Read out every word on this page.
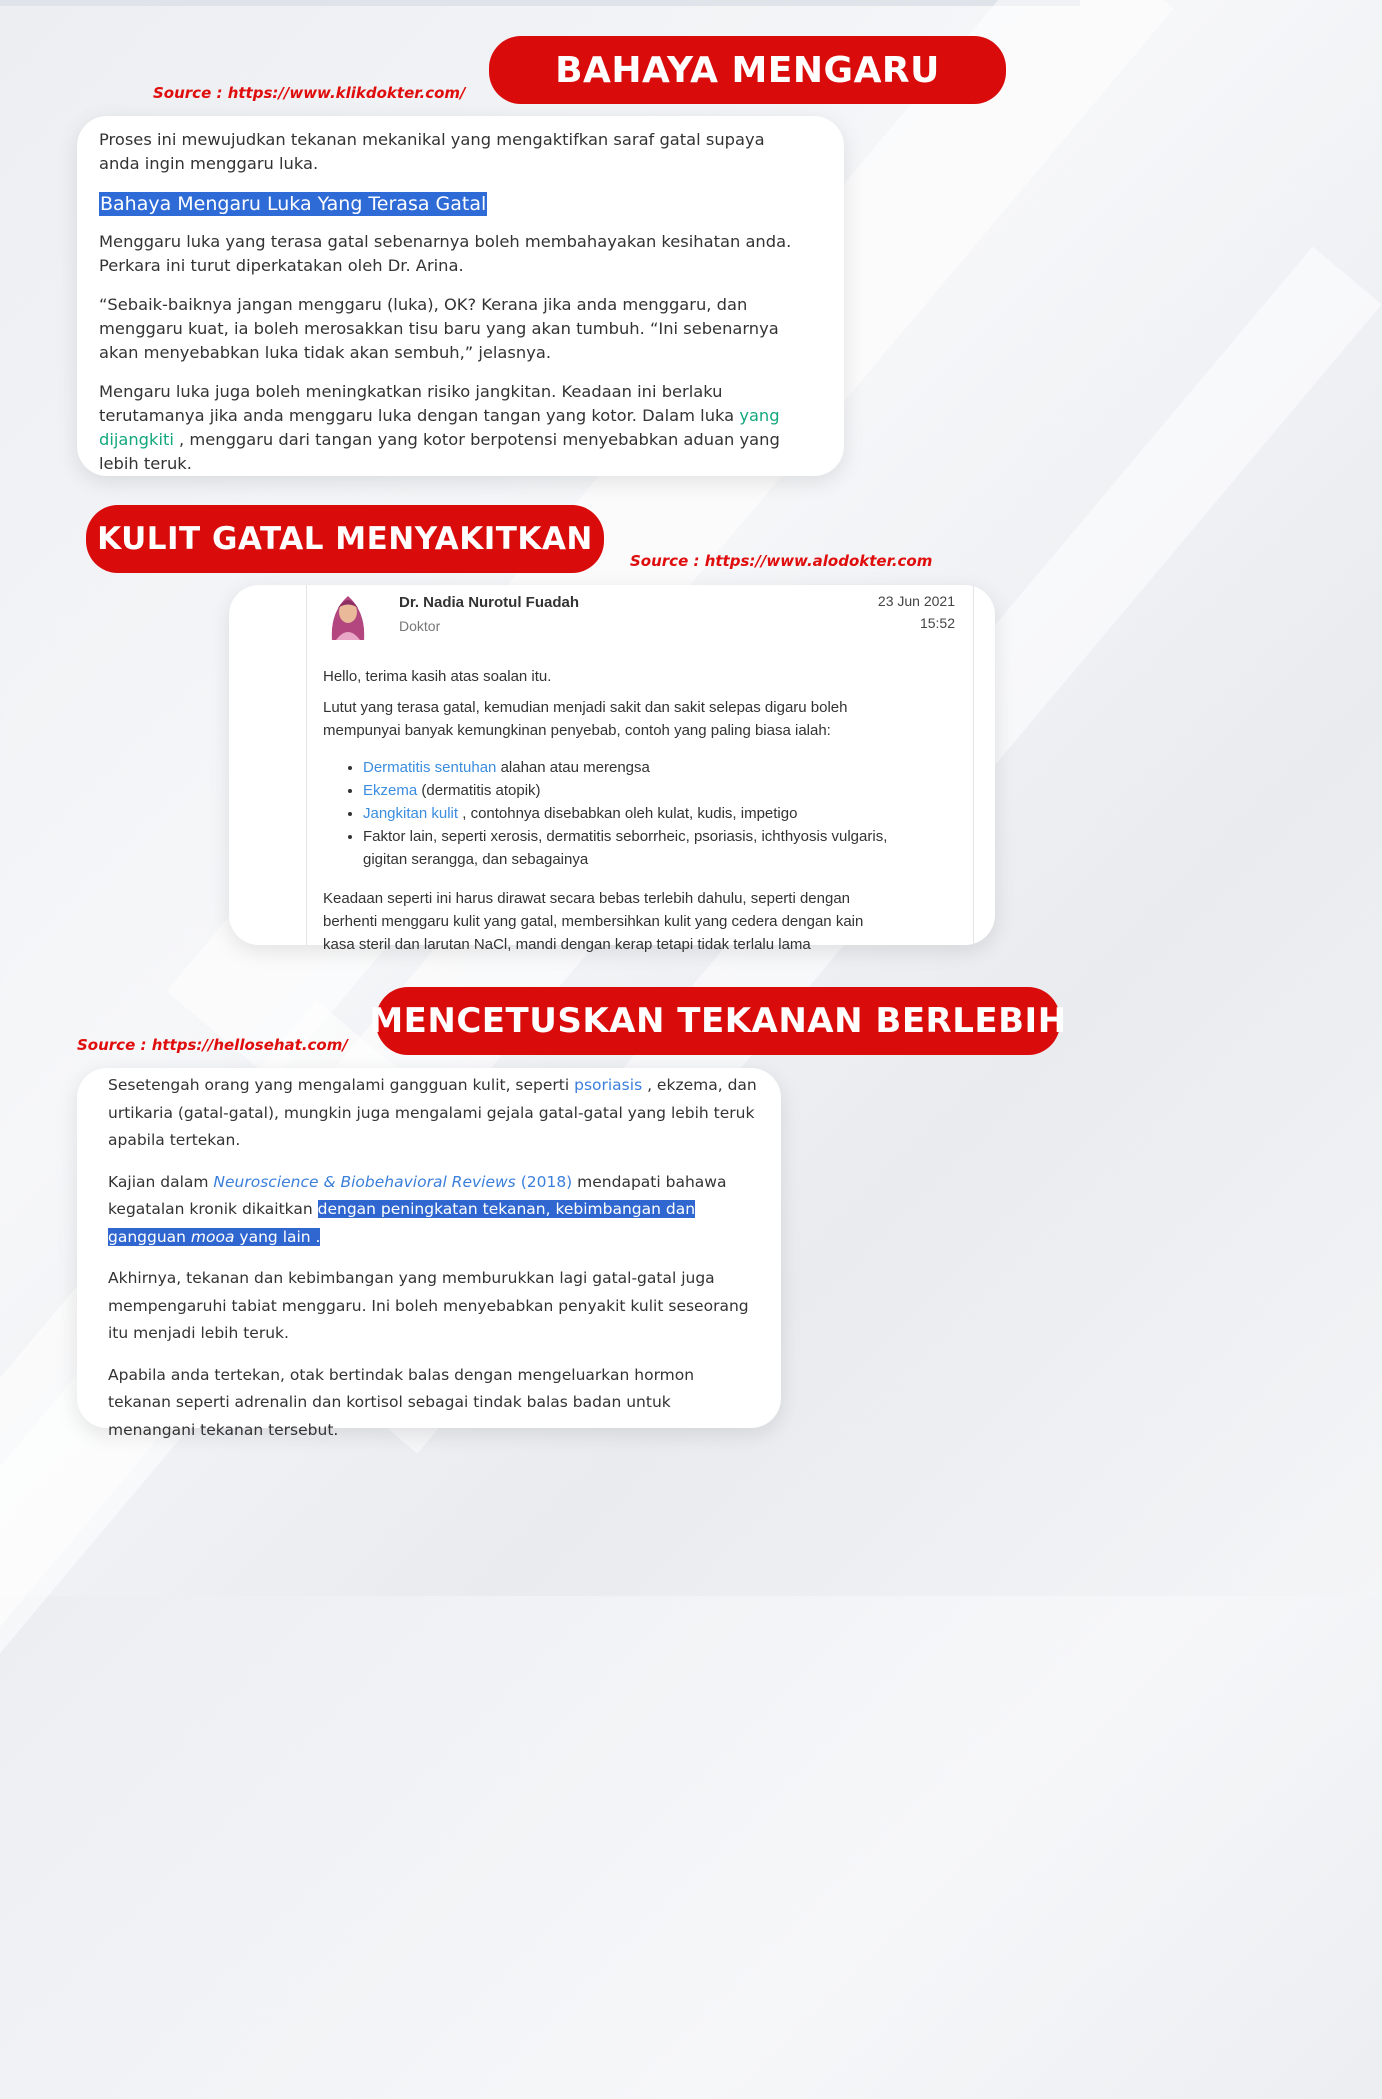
BAHAYA MENGARU
Source : https://www.klikdokter.com/

Proses ini mewujudkan tekanan mekanikal yang mengaktifkan saraf gatal supaya anda ingin menggaru luka.

Bahaya Mengaru Luka Yang Terasa Gatal

Menggaru luka yang terasa gatal sebenarnya boleh membahayakan kesihatan anda. Perkara ini turut diperkatakan oleh Dr. Arina.

“Sebaik-baiknya jangan menggaru (luka), OK? Kerana jika anda menggaru, dan menggaru kuat, ia boleh merosakkan tisu baru yang akan tumbuh. “Ini sebenarnya akan menyebabkan luka tidak akan sembuh,” jelasnya.

Mengaru luka juga boleh meningkatkan risiko jangkitan. Keadaan ini berlaku terutamanya jika anda menggaru luka dengan tangan yang kotor. Dalam luka yang dijangkiti , menggaru dari tangan yang kotor berpotensi menyebabkan aduan yang lebih teruk.

KULIT GATAL MENYAKITKAN
Source : https://www.alodokter.com
Dr. Nadia Nurotul Fuadah
Doktor
23 Jun 2021
15:52

Hello, terima kasih atas soalan itu.

Lutut yang terasa gatal, kemudian menjadi sakit dan sakit selepas digaru boleh mempunyai banyak kemungkinan penyebab, contoh yang paling biasa ialah:

• Dermatitis sentuhan alahan atau merengsa
• Ekzema (dermatitis atopik)
• Jangkitan kulit , contohnya disebabkan oleh kulat, kudis, impetigo
• Faktor lain, seperti xerosis, dermatitis seborrheic, psoriasis, ichthyosis vulgaris, gigitan serangga, dan sebagainya

Keadaan seperti ini harus dirawat secara bebas terlebih dahulu, seperti dengan berhenti menggaru kulit yang gatal, membersihkan kulit yang cedera dengan kain kasa steril dan larutan NaCl, mandi dengan kerap tetapi tidak terlalu lama

MENCETUSKAN TEKANAN BERLEBIH
Source : https://hellosehat.com/

Sesetengah orang yang mengalami gangguan kulit, seperti psoriasis , ekzema, dan urtikaria (gatal-gatal), mungkin juga mengalami gejala gatal-gatal yang lebih teruk apabila tertekan.

Kajian dalam Neuroscience & Biobehavioral Reviews (2018) mendapati bahawa kegatalan kronik dikaitkan dengan peningkatan tekanan, kebimbangan dan gangguan mooa yang lain .

Akhirnya, tekanan dan kebimbangan yang memburukkan lagi gatal-gatal juga mempengaruhi tabiat menggaru. Ini boleh menyebabkan penyakit kulit seseorang itu menjadi lebih teruk.

Apabila anda tertekan, otak bertindak balas dengan mengeluarkan hormon tekanan seperti adrenalin dan kortisol sebagai tindak balas badan untuk menangani tekanan tersebut.
